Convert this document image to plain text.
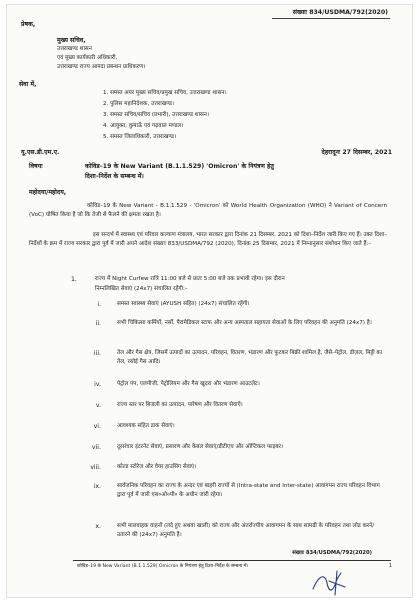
संख्याः 834/USDMA/792(2020)
प्रेषक,
मुख्य सचिव,
उत्तराखण्ड शासन
एवं मुख्य कार्यकारी अधिकारी,
उत्तराखण्ड राज्य आपदा प्रबन्धन प्राधिकरण।
सेवा में,
1. समस्त अपर मुख्य सचिव/प्रमुख सचिव, उत्तराखण्ड शासन।
2. पुलिस महानिदेशक, उत्तराखण्ड।
3. समस्त सचिव/सचिव (प्रभारी), उत्तराखण्ड शासन।
4. आयुक्त, कुमाऊँ एवं गढ़वाल मण्डल।
5. समस्त जिलाधिकारी, उत्तराखण्ड।
यू.एस.डी.एम.ए.	देहरादूनः 27 दिसम्बर, 2021
विषयः	कोविड–19 के New Variant (B.1.1.529) 'Omicron' के नियंत्रण हेतु
दिशा–निर्देश के सम्बन्ध में।
महोदया/महोदय,
कोविड–19 के New Variant - B.1.1.529 - 'Omicron' को World Health Organization (WHO) ने Variant of Concern (VoC) घोषित किया है जो कि तेजी से फैलने की क्षमता रखता है।
इस सन्दर्भ में स्वास्थ्य एवं परिवार कल्याण मंत्रालय, भारत सरकार द्वारा दिनांक 21 दिसम्बर, 2021 को दिशा–निर्देश जारी किए गए हैं। उक्त दिशा–निर्देशों के क्रम में राज्य सरकार द्वारा पूर्व में जारी अपने आदेश संख्याः 833/USDMA/792 (2020), दिनांक 25 दिसम्बर, 2021 में निम्नानुसार संशोधन किए जाते हैं:–
1.	राज्य में Night Curfew रात्रि 11:00 बजे से प्रातः 5:00 बजे तक प्रभावी रहेगा। इस दौरान
निम्नलिखित सेवाएं (24x7) संचालित रहेंगी:–
i.	समस्त स्वास्थ्य सेवाएं (AYUSH सहित) (24x7) संचालित रहेंगी।
ii.	सभी चिकित्सा कर्मियों, नर्सों, पैरामेडिकल स्टाफ और अन्य अस्पताल सहायता सेवाओं के लिए परिवहन की अनुमति (24x7) है।
iii.	तेल और गैस क्षेत्र, जिसमें उत्पादों का उत्पादन, परिवहन, वितरण, भंडारण और फुटकर बिक्री शामिल है, जैसे–पेट्रोल, डीज़ल, मिट्टी का तेल, रसोई गैस आदि।
iv.	पेट्रोल पंप, एलपीजी, पेट्रोलियम और गैस खुदरा और भंडारण आउटलेट।
v.	राज्य स्तर पर बिजली का उत्पादन, पारेषण और वितरण सेवाएँ।
vi.	आवश्यक सहित डाक सेवाएं।
vii.	दूरसंचार इंटरनेट सेवाएं, प्रसारण और केबल सेवाएं/डीटीएच और ऑप्टिकल फाइबर।
viii.	कोल्ड स्टोरेज और वेयर हाउसिंग सेवाएं।
ix.	सार्वजनिक परिवहन का राज्य के अन्दर एवं बाहरी राज्यों से (Intra-state and Inter-state) आवागमन राज्य परिवहन विभाग द्वारा पूर्व में जारी एस०ओ०पी० के अधीन जारी रहेगा।
x.	सभी मालवाहक वाहनों (लदे हुए अथवा खाली) को राज्य और अंतर्राज्यीय आवागमन के साथ सामग्री के परिवहन तथा लोड करने/उतारने की (24x7) अनुमति है।
संख्याः 834/USDMA/792(2020)
कोविड–19 के New Variant (B.1.1.529) Omicron के नियंत्रण हेतु दिशा–निर्देश के सम्बन्ध में।	1
